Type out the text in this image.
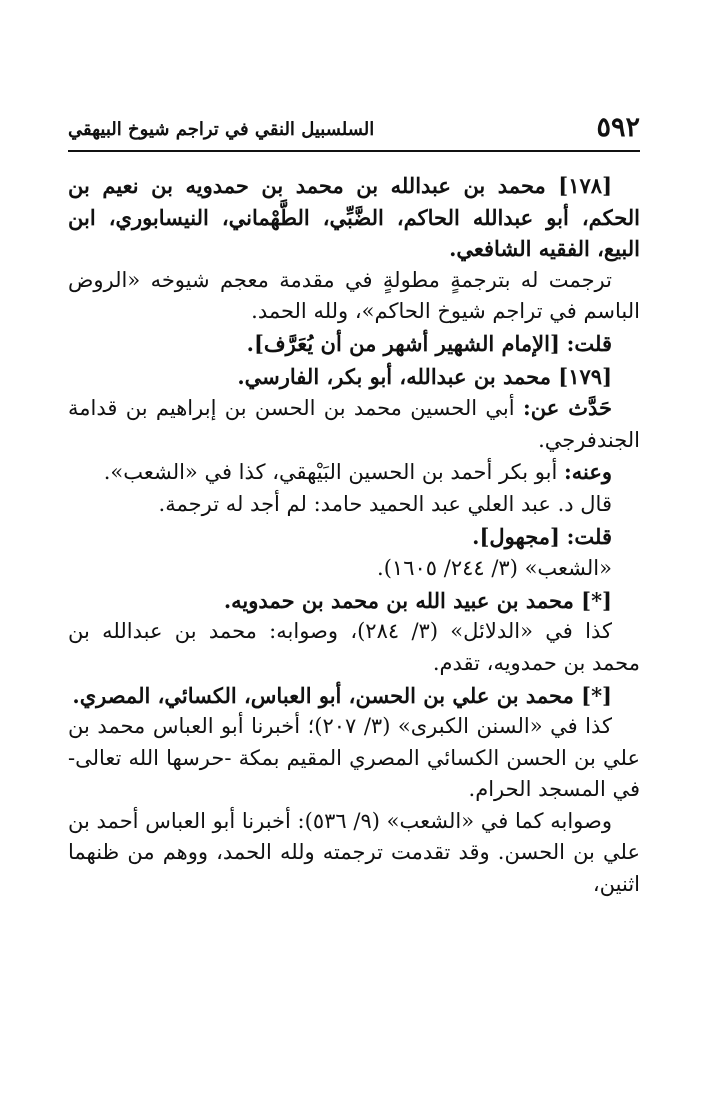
٥٩٢
السلسبيل النقي في تراجم شيوخ البيهقي

[١٧٨] محمد بن عبدالله بن محمد بن حمدويه بن نعيم بن الحكم، أبو عبدالله الحاكم، الضَّبِّي، الطَّهْماني، النيسابوري، ابن البيع، الفقيه الشافعي.

ترجمت له بترجمةٍ مطولةٍ في مقدمة معجم شيوخه «الروض الباسم في تراجم شيوخ الحاكم»، ولله الحمد.

قلت: [الإمام الشهير أشهر من أن يُعَرَّف].

[١٧٩] محمد بن عبدالله، أبو بكر، الفارسي.

حَدَّث عن: أبي الحسين محمد بن الحسن بن إبراهيم بن قدامة الجندفرجي.

وعنه: أبو بكر أحمد بن الحسين البَيْهقي، كذا في «الشعب».

قال د. عبد العلي عبد الحميد حامد: لم أجد له ترجمة.

قلت: [مجهول].

«الشعب» (٣/ ٢٤٤/ ١٦٠٥).

[*] محمد بن عبيد الله بن محمد بن حمدويه.

كذا في «الدلائل» (٣/ ٢٨٤)، وصوابه: محمد بن عبدالله بن محمد بن حمدويه، تقدم.

[*] محمد بن علي بن الحسن، أبو العباس، الكسائي، المصري.

كذا في «السنن الكبرى» (٣/ ٢٠٧)؛ أخبرنا أبو العباس محمد بن علي بن الحسن الكسائي المصري المقيم بمكة -حرسها الله تعالى- في المسجد الحرام.

وصوابه كما في «الشعب» (٩/ ٥٣٦): أخبرنا أبو العباس أحمد بن علي بن الحسن. وقد تقدمت ترجمته ولله الحمد، ووهم من ظنهما اثنين،
